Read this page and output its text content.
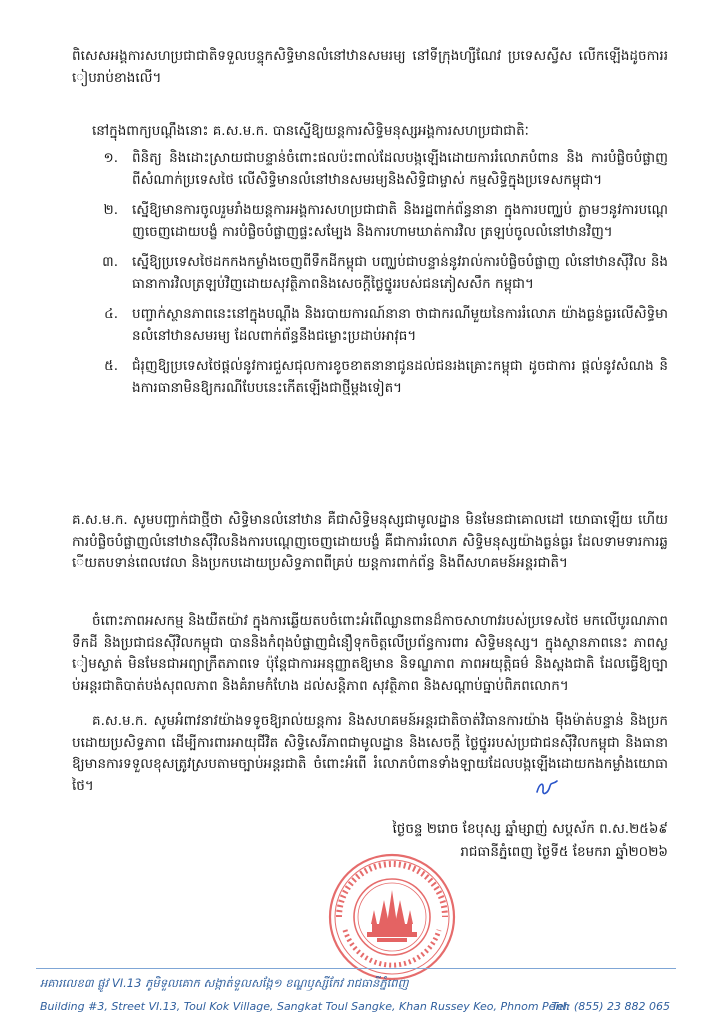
ពិសេសអង្គការសហប្រជាជាតិទទួលបន្ទុកសិទ្ធិមានលំនៅឋានសមរម្យ នៅទីក្រុងហ្សឺណែវ ប្រទេសស្វីស លើកឡើងដូចការរៀបរាប់ខាងលើ។
នៅក្នុងពាក្យបណ្តឹងនោះ គ.ស.ម.ក. បានស្នើឱ្យយន្តការសិទ្ធិមនុស្សអង្គការសហប្រជាជាតិៈ
១.	ពិនិត្យ និងដោះស្រាយជាបន្ទាន់ចំពោះផលប៉ះពាល់ដែលបង្កឡើងដោយការរំលោភបំពាន និង ការបំផ្លិចបំផ្លាញ ពីសំណាក់ប្រទេសថៃ លើសិទ្ធិមានលំនៅឋានសមរម្យនិងសិទ្ធិជាម្ចាស់ កម្មសិទ្ធិក្នុងប្រទេសកម្ពុជា។
២.	ស្នើឱ្យមានការចូលរួមរាំងយន្តការអង្គការសហប្រជាជាតិ និងរដ្ឋពាក់ព័ន្ធនានា ក្នុងការបញ្ឈប់ ភ្លាមៗនូវការបណ្តេញចេញដោយបង្ខំ ការបំផ្លិចបំផ្លាញផ្ទះសម្បែង និងការហាមឃាត់ការវិល ត្រឡប់ចូលលំនៅឋានវិញ។
៣.	ស្នើឱ្យប្រទេសថៃដកកងកម្លាំងចេញពីទឹកដីកម្ពុជា បញ្ឈប់ជាបន្ទាន់នូវរាល់ការបំផ្លិចបំផ្លាញ លំនៅឋានស៊ីវិល និងធានាការវិលត្រឡប់វិញដោយសុវត្ថិភាពនិងសេចក្តីថ្លៃថ្នូររបស់ជនភៀសសឹក កម្ពុជា។
៤.	បញ្ចាក់ស្ថានភាពនេះនៅក្នុងបណ្តឹង និងរបាយការណ៍នានា ថាជាករណីមួយនៃការរំលោភ យ៉ាងធ្ងន់ធ្ងរលើសិទ្ធិមានលំនៅឋានសមរម្យ ដែលពាក់ព័ន្ធនឹងជម្លោះប្រដាប់អាវុធ។
៥.	ជំរុញឱ្យប្រទេសថៃផ្តល់នូវការជួសជុលការខូចខាតនានាជូនដល់ជនរងគ្រោះកម្ពុជា ដូចជាការ ផ្តល់នូវសំណង និងការធានាមិនឱ្យករណីបែបនេះកើតឡើងជាថ្មីម្តងទៀត។
គ.ស.ម.ក. សូមបញ្ជាក់ជាថ្មីថា សិទ្ធិមានលំនៅឋាន គឺជាសិទ្ធិមនុស្សជាមូលដ្ឋាន មិនមែនជាគោលដៅ យោធាឡើយ ហើយការបំផ្លិចបំផ្លាញលំនៅឋានស៊ីវិលនិងការបណ្តេញចេញដោយបង្ខំ គឺជាការរំលោភ សិទ្ធិមនុស្សយ៉ាងធ្ងន់ធ្ងរ ដែលទាមទារការឆ្លើយតបទាន់ពេលវេលា និងប្រកបដោយប្រសិទ្ធភាពពីគ្រប់ យន្តការពាក់ព័ន្ធ និងពីសហគមន៍អន្តរជាតិ។
ចំពោះភាពអសកម្ម និងយឺតយ៉ាវ ក្នុងការឆ្លើយតបចំពោះអំពើឈ្លានពានដ៏កាចសាហាវរបស់ប្រទេសថៃ មកលើបូរណភាពទឹកដី និងប្រជាជនស៊ីវិលកម្ពុជា បាននិងកំពុងបំផ្លាញជំនឿទុកចិត្តលើប្រព័ន្ធការពារ សិទ្ធិមនុស្ស។ ក្នុងស្ថានភាពនេះ ភាពស្ងៀមស្ងាត់ មិនមែនជាអព្យាក្រឹតភាពទេ ប៉ុន្តែជាការអនុញ្ញាតឱ្យមាន និទណ្ឌភាព ភាពអយុត្តិធម៌ និងស្ពងជាតិ ដែលធ្វើឱ្យច្បាប់អន្តរជាតិបាត់បង់សុពលភាព និងគំរាមកំហែង ដល់សន្តិភាព សុវត្ថិភាព និងសណ្តាប់ធ្នាប់ពិភពលោក។
គ.ស.ម.ក. សូមអំពាវនាវយ៉ាងទទូចឱ្យរាល់យន្តការ និងសហគមន៍អន្តរជាតិចាត់វិធានការយ៉ាង ម៉ឺងម៉ាត់បន្ទាន់ និងប្រកបដោយប្រសិទ្ធភាព ដើម្បីការពារអាយុជីវិត សិទ្ធិសេរីភាពជាមូលដ្ឋាន និងសេចក្តី ថ្លៃថ្នូររបស់ប្រជាជនស៊ីវិលកម្ពុជា និងធានាឱ្យមានការទទួលខុសត្រូវស្របតាមច្បាប់អន្តរជាតិ ចំពោះអំពើ រំលោភបំពានទាំងឡាយដែលបង្កឡើងដោយកងកម្លាំងយោធាថៃ។
ថ្ងៃចន្ទ ២រោច ខែបុស្ស ឆ្នាំម្សាញ់ សប្តស័ក ព.ស.២៥៦៩
រាជធានីភ្នំពេញ ថ្ងៃទី៥ ខែមករា ឆ្នាំ២០២៦
អគារលេខ៣ ផ្លូវ VI.13 ភូមិទួលគោក សង្កាត់ទួលសង្កែ១ ខណ្ឌឫស្សីកែវ រាជធានីភ្នំពេញ
Building #3, Street VI.13, Toul Kok Village, Sangkat Toul Sangke, Khan Russey Keo, Phnom Penh
Tel: (855) 23 882 065
